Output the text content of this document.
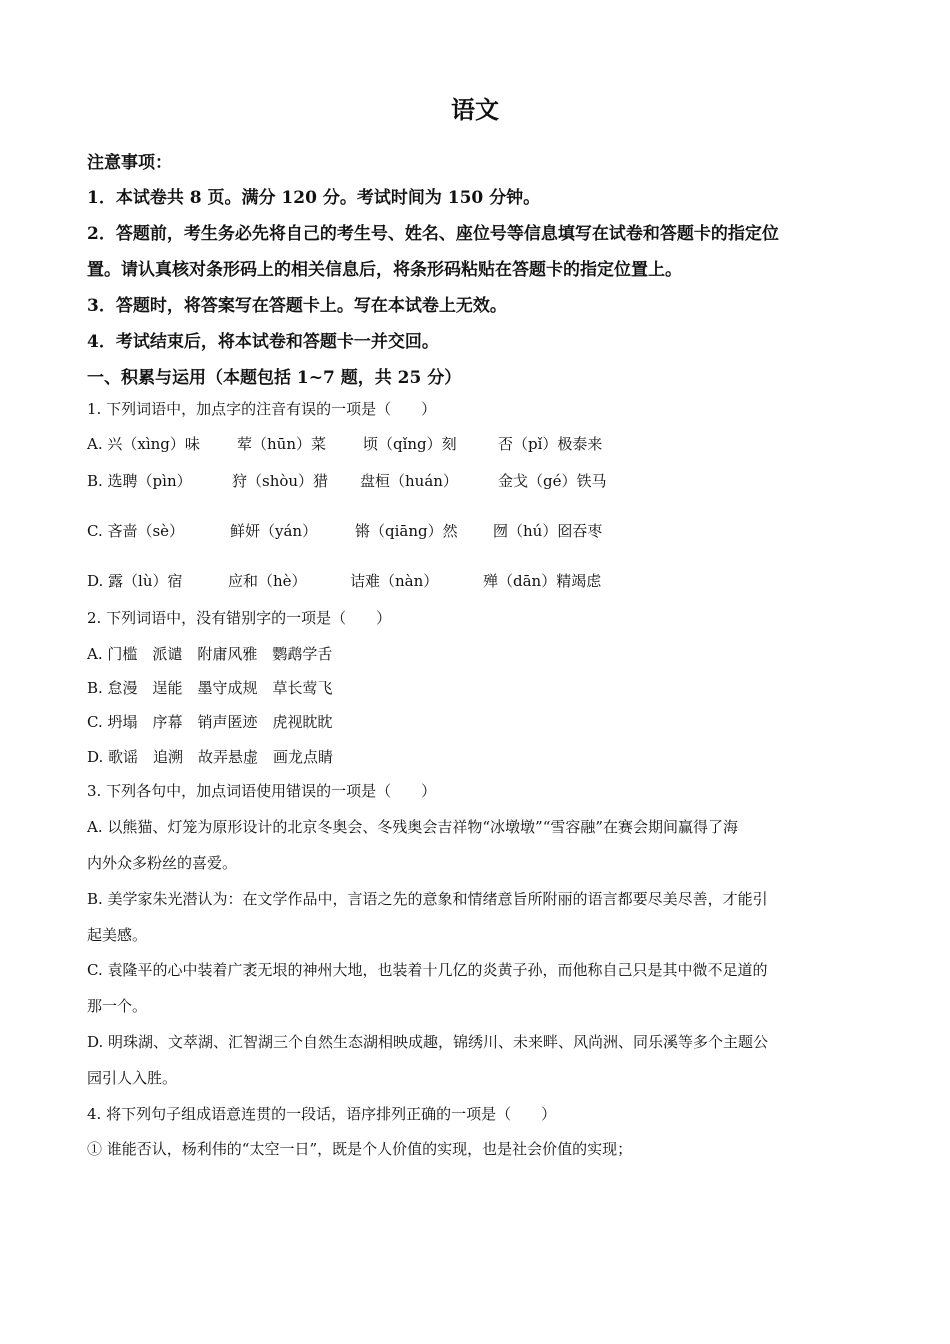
语文
注意事项：
1．本试卷共 8 页。满分 120 分。考试时间为 150 分钟。
2．答题前，考生务必先将自己的考生号、姓名、座位号等信息填写在试卷和答题卡的指定位
置。请认真核对条形码上的相关信息后，将条形码粘贴在答题卡的指定位置上。
3．答题时，将答案写在答题卡上。写在本试卷上无效。
4．考试结束后，将本试卷和答题卡一并交回。
一、积累与运用（本题包括 1~7 题，共 25 分）
1. 下列词语中，加点字的注音有误的一项是（　　）
A. 兴（xìng）味 荤（hūn）菜 顷（qǐng）刻	否（pǐ）极泰来
B. 选聘（pìn）	狩（shòu）猎 盘桓（huán）	金戈（gé）铁马
C. 吝啬（sè）	鲜妍（yán）	锵（qiāng）然 囫（hú）囵吞枣
D. 露（lù）宿	应和（hè）	诘难（nàn）	殚（dān）精竭虑
2. 下列词语中，没有错别字的一项是（　　）
A. 门槛　派谴　附庸风雅　鹦鹉学舌
B. 怠漫　逞能　墨守成规　草长莺飞
C. 坍塌　序幕　销声匿迹　虎视眈眈
D. 歌谣　追溯　故弄悬虚　画龙点睛
3. 下列各句中，加点词语使用错误的一项是（　　）
A. 以熊猫、灯笼为原形设计的北京冬奥会、冬残奥会吉祥物“冰墩墩”“雪容融”在赛会期间赢得了海
内外众多粉丝的喜爱。
B. 美学家朱光潜认为：在文学作品中，言语之先的意象和情绪意旨所附丽的语言都要尽美尽善，才能引
起美感。
C. 袁隆平的心中装着广袤无垠的神州大地，也装着十几亿的炎黄子孙，而他称自己只是其中微不足道的
那一个。
D. 明珠湖、文萃湖、汇智湖三个自然生态湖相映成趣，锦绣川、未来畔、风尚洲、同乐溪等多个主题公
园引人入胜。
4. 将下列句子组成语意连贯的一段话，语序排列正确的一项是（　　）
① 谁能否认，杨利伟的“太空一日”，既是个人价值的实现，也是社会价值的实现；
